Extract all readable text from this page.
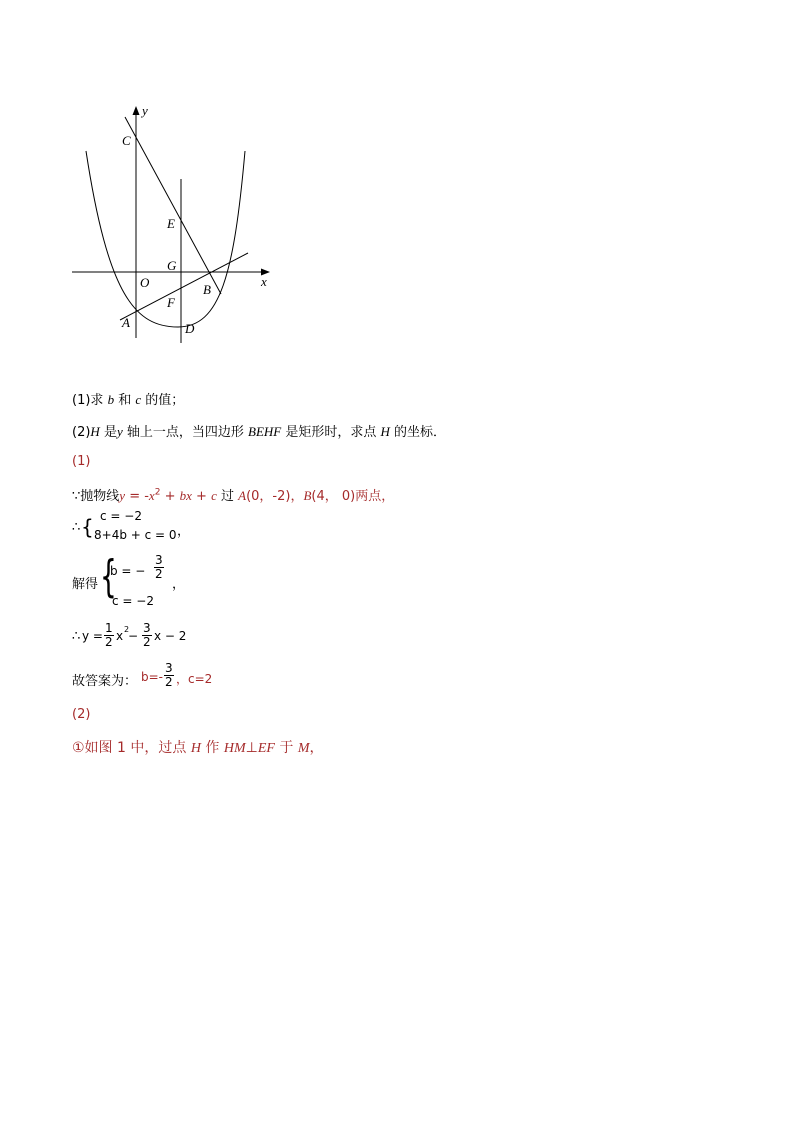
y
x
C
E
G
O	B
F
A	D
(1)求 b 和 c 的值；
(2)H 是y 轴上一点，当四边形 BEHF 是矩形时，求点 H 的坐标．
(1)
∵抛物线$y = -x^2$ + bx + c 过 A(0，-2)，B(4， 0)两点，
∴ { c = −2
8+4b + c = 0 ，
解得 {
b = −
3
2
，
c = −2
∴ y =
1
2 x 2
−
3
2 x − 2
故答案为： b=-
3
2 ，c=2
(2)
①如图 1 中，过点 H 作 HM⊥EF 于 M，
